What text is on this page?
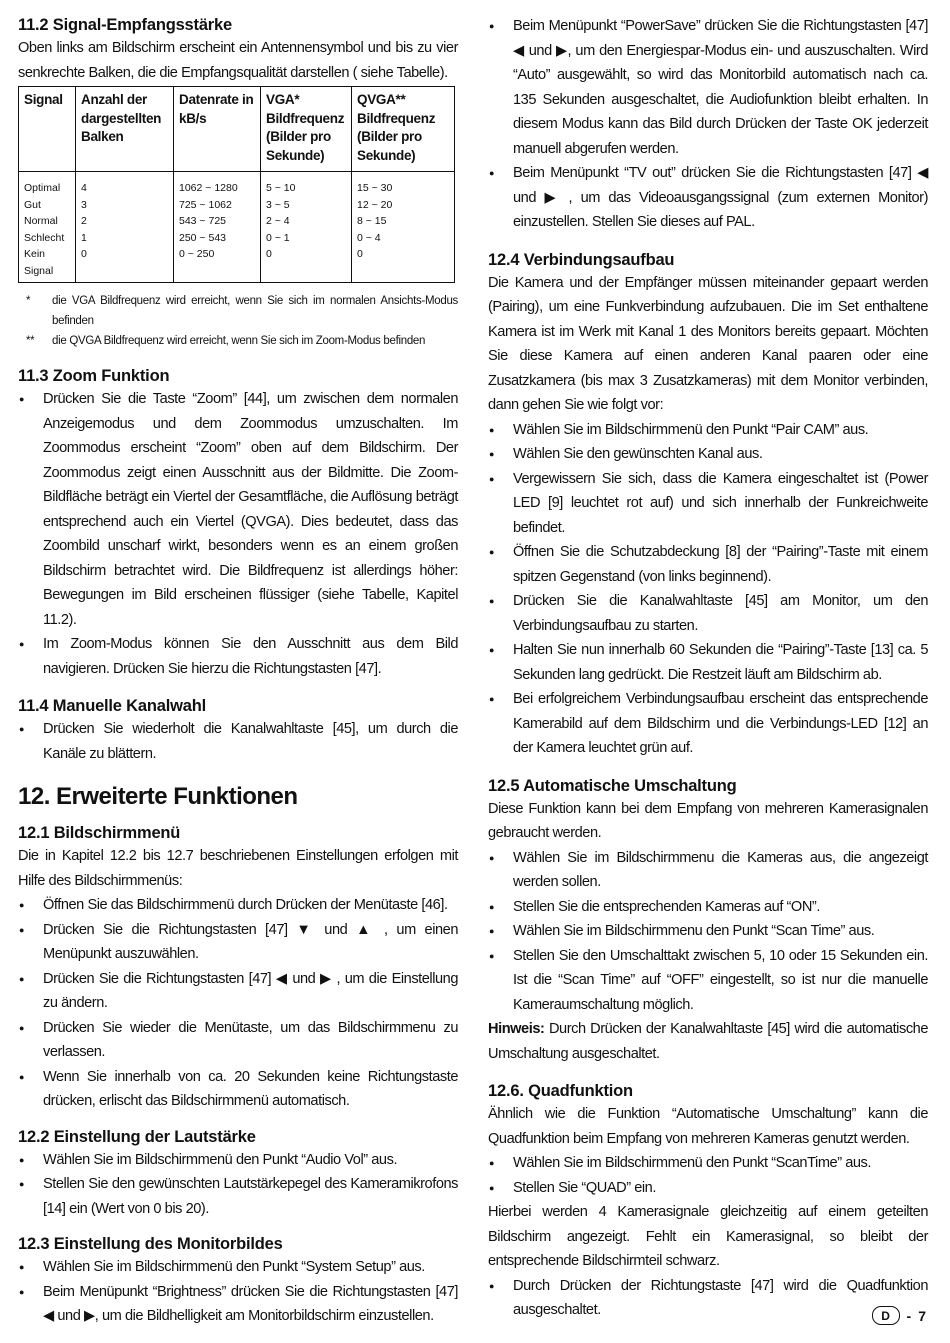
11.2 Signal-Empfangsstärke

Oben links am Bildschirm erscheint ein Antennensymbol und bis zu vier senkrechte Balken, die die Empfangsqualität darstellen ( siehe Tabelle).

Signal	Anzahl der dargestellten Balken	Datenrate in kB/s	VGA* Bildfrequenz (Bilder pro Sekunde)	QVGA** Bildfrequenz (Bilder pro Sekunde)
Optimal	4	1062 ~ 1280	5 ~ 10	15 ~ 30
Gut	3	725 ~ 1062	3 ~ 5	12 ~ 20
Normal	2	543 ~ 725	2 ~ 4	8 ~ 15
Schlecht	1	250 ~ 543	0 ~ 1	0 ~ 4
Kein Signal	0	0 ~ 250	0	0
* die VGA Bildfrequenz wird erreicht, wenn Sie sich im normalen Ansichts-Modus befinden
** die QVGA Bildfrequenz wird erreicht, wenn Sie sich im Zoom-Modus befinden
11.3 Zoom Funktion
● Drücken Sie die Taste “Zoom” [44], um zwischen dem normalen Anzeigemodus und dem Zoommodus umzuschalten. Im Zoommodus erscheint “Zoom” oben auf dem Bildschirm. Der Zoommodus zeigt einen Ausschnitt aus der Bildmitte. Die Zoom-Bildfläche beträgt ein Viertel der Gesamtfläche, die Auflösung beträgt entsprechend auch ein Viertel (QVGA). Dies bedeutet, dass das Zoombild unscharf wirkt, besonders wenn es an einem großen Bildschirm betrachtet wird. Die Bildfrequenz ist allerdings höher: Bewegungen im Bild erscheinen flüssiger (siehe Tabelle, Kapitel 11.2).
● Im Zoom-Modus können Sie den Ausschnitt aus dem Bild navigieren. Drücken Sie hierzu die Richtungstasten [47].
11.4 Manuelle Kanalwahl
● Drücken Sie wiederholt die Kanalwahltaste [45], um durch die Kanäle zu blättern.
12. Erweiterte Funktionen
12.1 Bildschirmmenü

Die in Kapitel 12.2 bis 12.7 beschriebenen Einstellungen erfolgen mit Hilfe des Bildschirmmenüs:

● Öffnen Sie das Bildschirmmenü durch Drücken der Menütaste [46].
● Drücken Sie die Richtungstasten [47] ▼ und ▲ , um einen Menüpunkt auszuwählen.
● Drücken Sie die Richtungstasten [47] ◀ und ▶ , um die Einstellung zu ändern.
● Drücken Sie wieder die Menütaste, um das Bildschirmmenu zu verlassen.
● Wenn Sie innerhalb von ca. 20 Sekunden keine Richtungstaste drücken, erlischt das Bildschirmmenü automatisch.
12.2 Einstellung der Lautstärke
● Wählen Sie im Bildschirmmenü den Punkt “Audio Vol” aus.
● Stellen Sie den gewünschten Lautstärkepegel des Kameramikrofons [14] ein (Wert von 0 bis 20).
12.3 Einstellung des Monitorbildes
● Wählen Sie im Bildschirmmenü den Punkt “System Setup” aus.
● Beim Menüpunkt “Brightness” drücken Sie die Richtungstasten [47] ◀ und ▶, um die Bildhelligkeit am Monitorbildschirm einzustellen.
● Beim Menüpunkt “PowerSave” drücken Sie die Richtungstasten [47] ◀ und ▶, um den Energiespar-Modus ein- und auszuschalten. Wird “Auto” ausgewählt, so wird das Monitorbild automatisch nach ca. 135 Sekunden ausgeschaltet, die Audiofunktion bleibt erhalten. In diesem Modus kann das Bild durch Drücken der Taste OK jederzeit manuell abgerufen werden.
● Beim Menüpunkt “TV out” drücken Sie die Richtungstasten [47] ◀ und ▶ , um das Videoausgangssignal (zum externen Monitor) einzustellen. Stellen Sie dieses auf PAL.
12.4 Verbindungsaufbau

Die Kamera und der Empfänger müssen miteinander gepaart werden (Pairing), um eine Funkverbindung aufzubauen. Die im Set enthaltene Kamera ist im Werk mit Kanal 1 des Monitors bereits gepaart. Möchten Sie diese Kamera auf einen anderen Kanal paaren oder eine Zusatzkamera (bis max 3 Zusatzkameras) mit dem Monitor verbinden, dann gehen Sie wie folgt vor:

● Wählen Sie im Bildschirmmenü den Punkt “Pair CAM” aus.
● Wählen Sie den gewünschten Kanal aus.
● Vergewissern Sie sich, dass die Kamera eingeschaltet ist (Power LED [9] leuchtet rot auf) und sich innerhalb der Funkreichweite befindet.
● Öffnen Sie die Schutzabdeckung [8] der “Pairing”-Taste mit einem spitzen Gegenstand (von links beginnend).
● Drücken Sie die Kanalwahltaste [45] am Monitor, um den Verbindungsaufbau zu starten.
● Halten Sie nun innerhalb 60 Sekunden die “Pairing”-Taste [13] ca. 5 Sekunden lang gedrückt. Die Restzeit läuft am Bildschirm ab.
● Bei erfolgreichem Verbindungsaufbau erscheint das entsprechende Kamerabild auf dem Bildschirm und die Verbindungs-LED [12] an der Kamera leuchtet grün auf.
12.5 Automatische Umschaltung

Diese Funktion kann bei dem Empfang von mehreren Kamerasignalen gebraucht werden.

● Wählen Sie im Bildschirmmenu die Kameras aus, die angezeigt werden sollen.
● Stellen Sie die entsprechenden Kameras auf “ON”.
● Wählen Sie im Bildschirmmenu den Punkt “Scan Time” aus.
● Stellen Sie den Umschalttakt zwischen 5, 10 oder 15 Sekunden ein. Ist die “Scan Time” auf “OFF” eingestellt, so ist nur die manuelle Kameraumschaltung möglich.

Hinweis: Durch Drücken der Kanalwahltaste [45] wird die automatische Umschaltung ausgeschaltet.

12.6. Quadfunktion

Ähnlich wie die Funktion “Automatische Umschaltung” kann die Quadfunktion beim Empfang von mehreren Kameras genutzt werden.

● Wählen Sie im Bildschirmmenü den Punkt “ScanTime” aus.
● Stellen Sie “QUAD” ein.

Hierbei werden 4 Kamerasignale gleichzeitig auf einem geteilten Bildschirm angezeigt. Fehlt ein Kamerasignal, so bleibt der entsprechende Bildschirmteil schwarz.

● Durch Drücken der Richtungstaste [47] wird die Quadfunktion ausgeschaltet.	D	- 7
